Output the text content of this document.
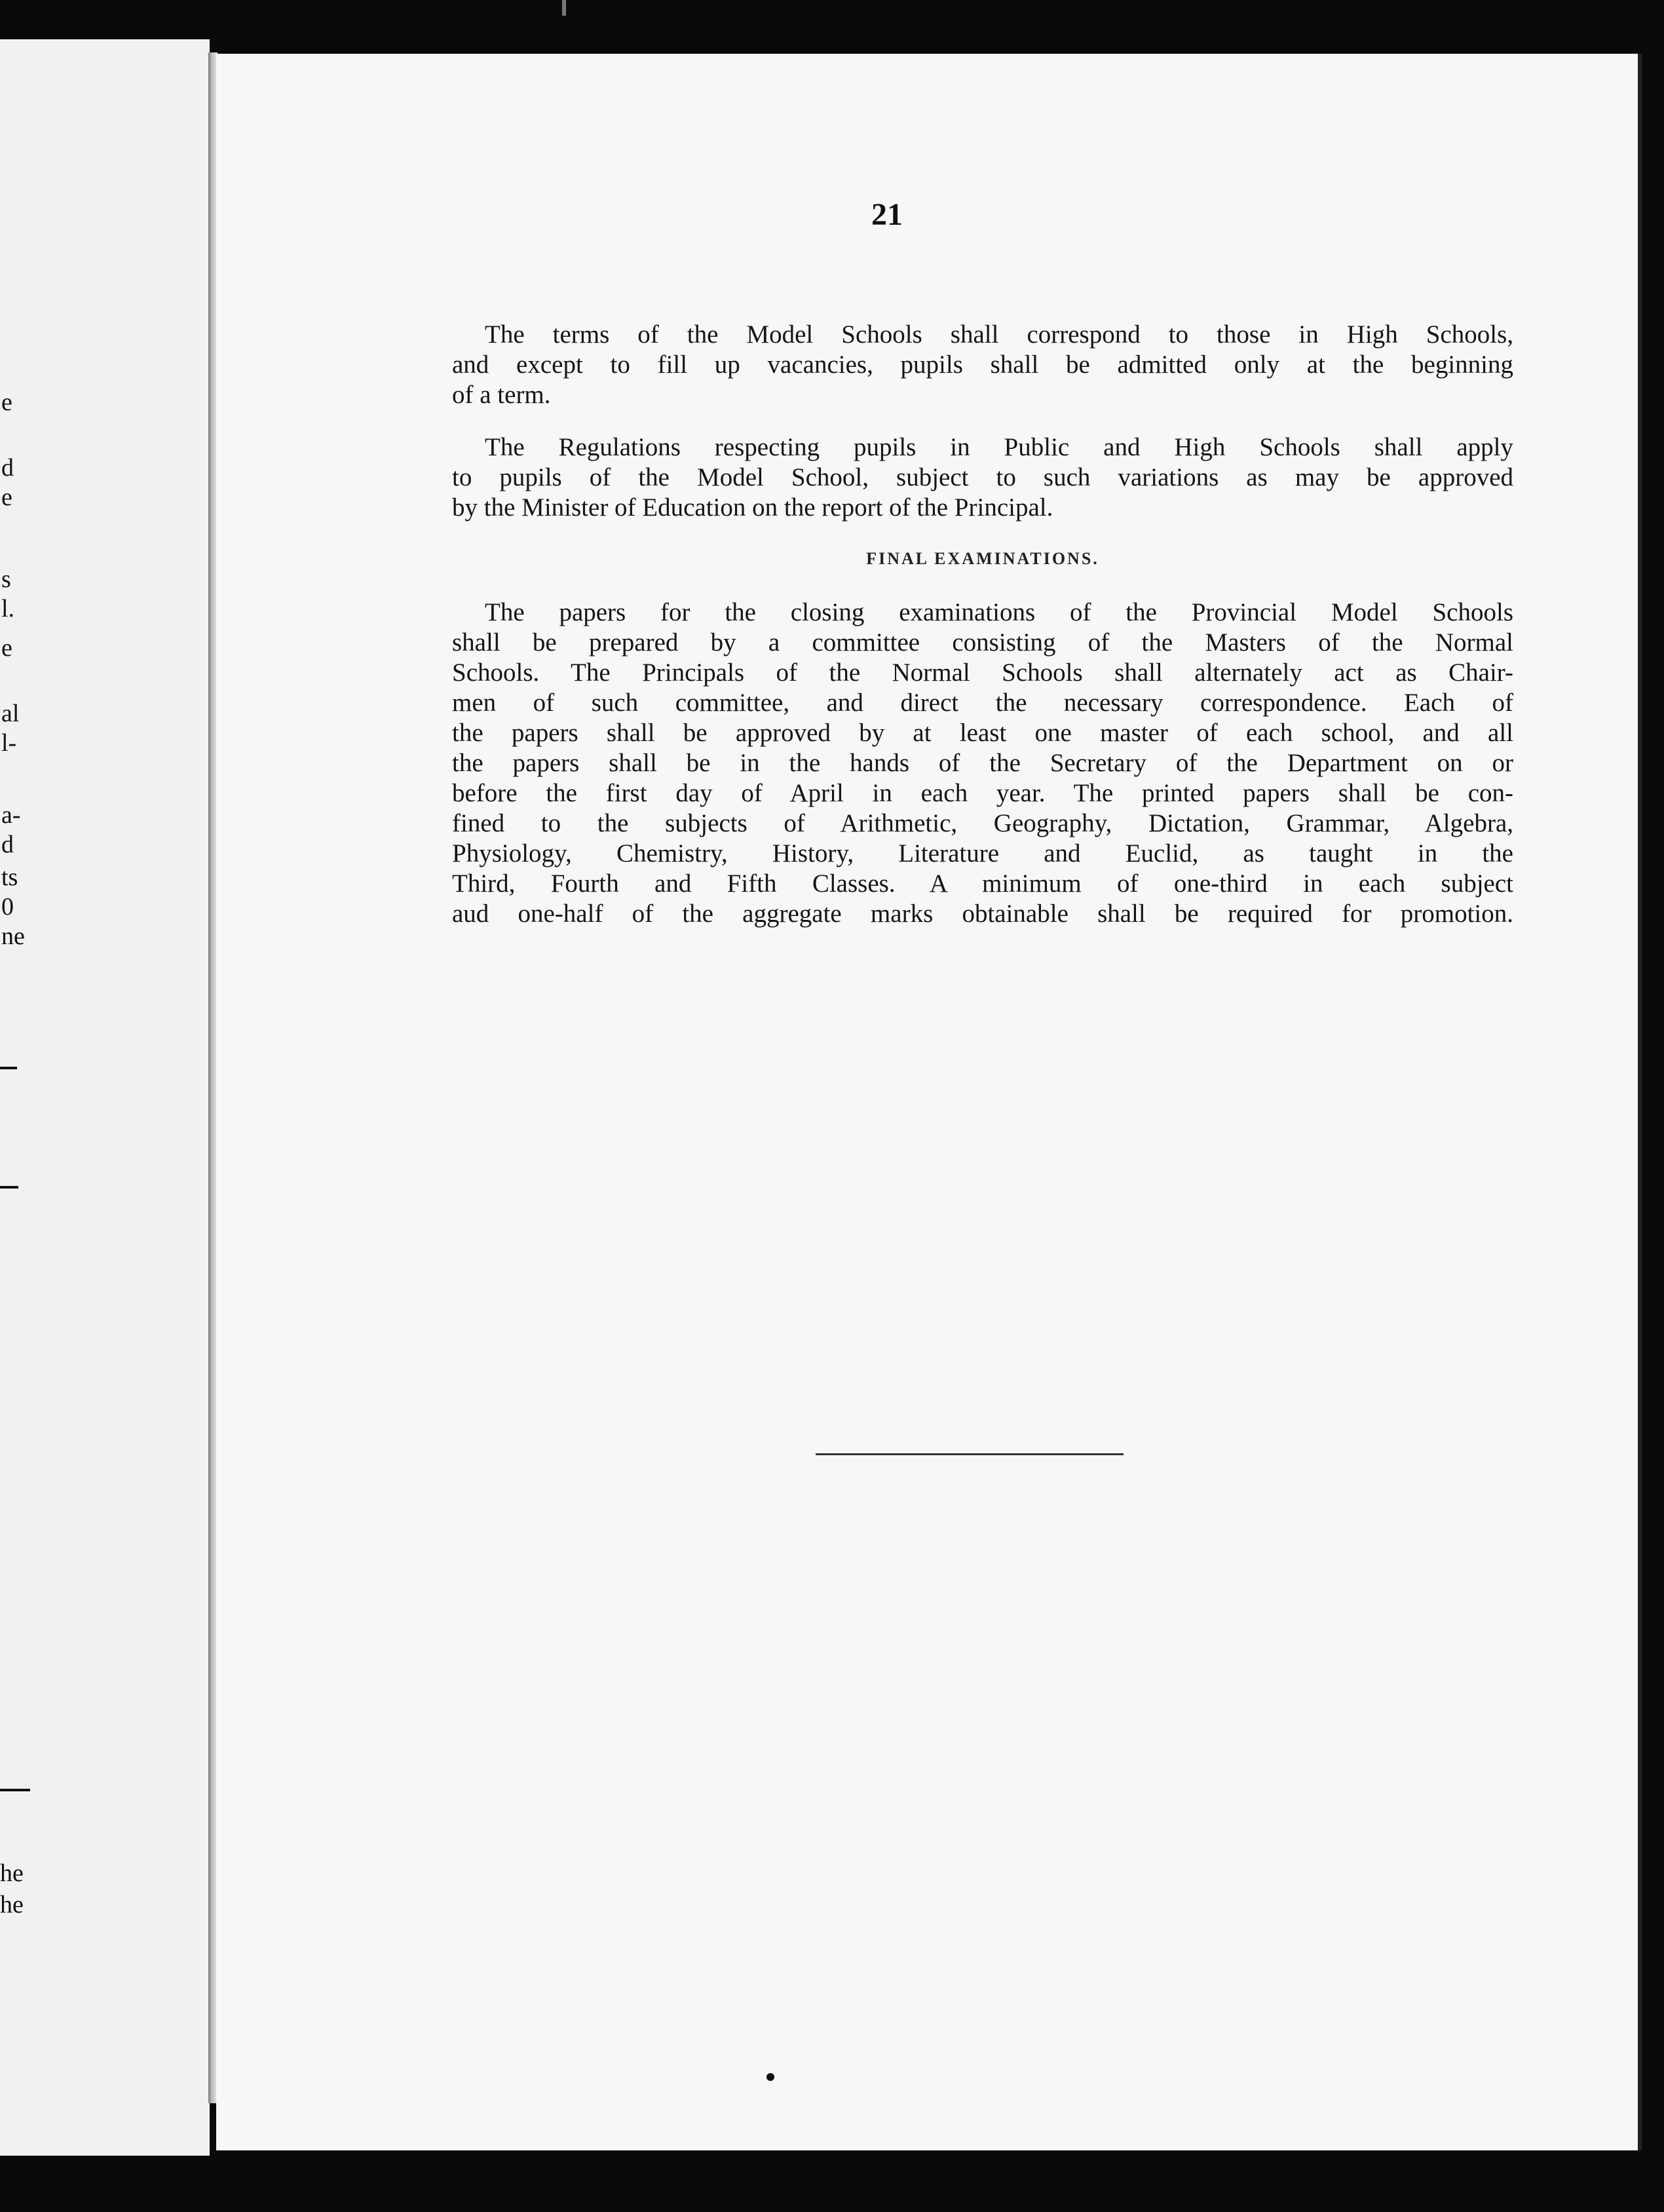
e
d
e
s
l.
e
al
l-
a-
d
ts
0
ne
he
he
21
The terms of the Model Schools shall correspond to those in High Schools,
and except to fill up vacancies, pupils shall be admitted only at the beginning
of a term.
The Regulations respecting pupils in Public and High Schools shall apply
to pupils of the Model School, subject to such variations as may be approved
by the Minister of Education on the report of the Principal.
FINAL EXAMINATIONS.
The papers for the closing examinations of the Provincial Model Schools
shall be prepared by a committee consisting of the Masters of the Normal
Schools. The Principals of the Normal Schools shall alternately act as Chair-
men of such committee, and direct the necessary correspondence. Each of
the papers shall be approved by at least one master of each school, and all
the papers shall be in the hands of the Secretary of the Department on or
before the first day of April in each year. The printed papers shall be con-
fined to the subjects of Arithmetic, Geography, Dictation, Grammar, Algebra,
Physiology, Chemistry, History, Literature and Euclid, as taught in the
Third, Fourth and Fifth Classes. A minimum of one-third in each subject
aud one-half of the aggregate marks obtainable shall be required for promotion.
